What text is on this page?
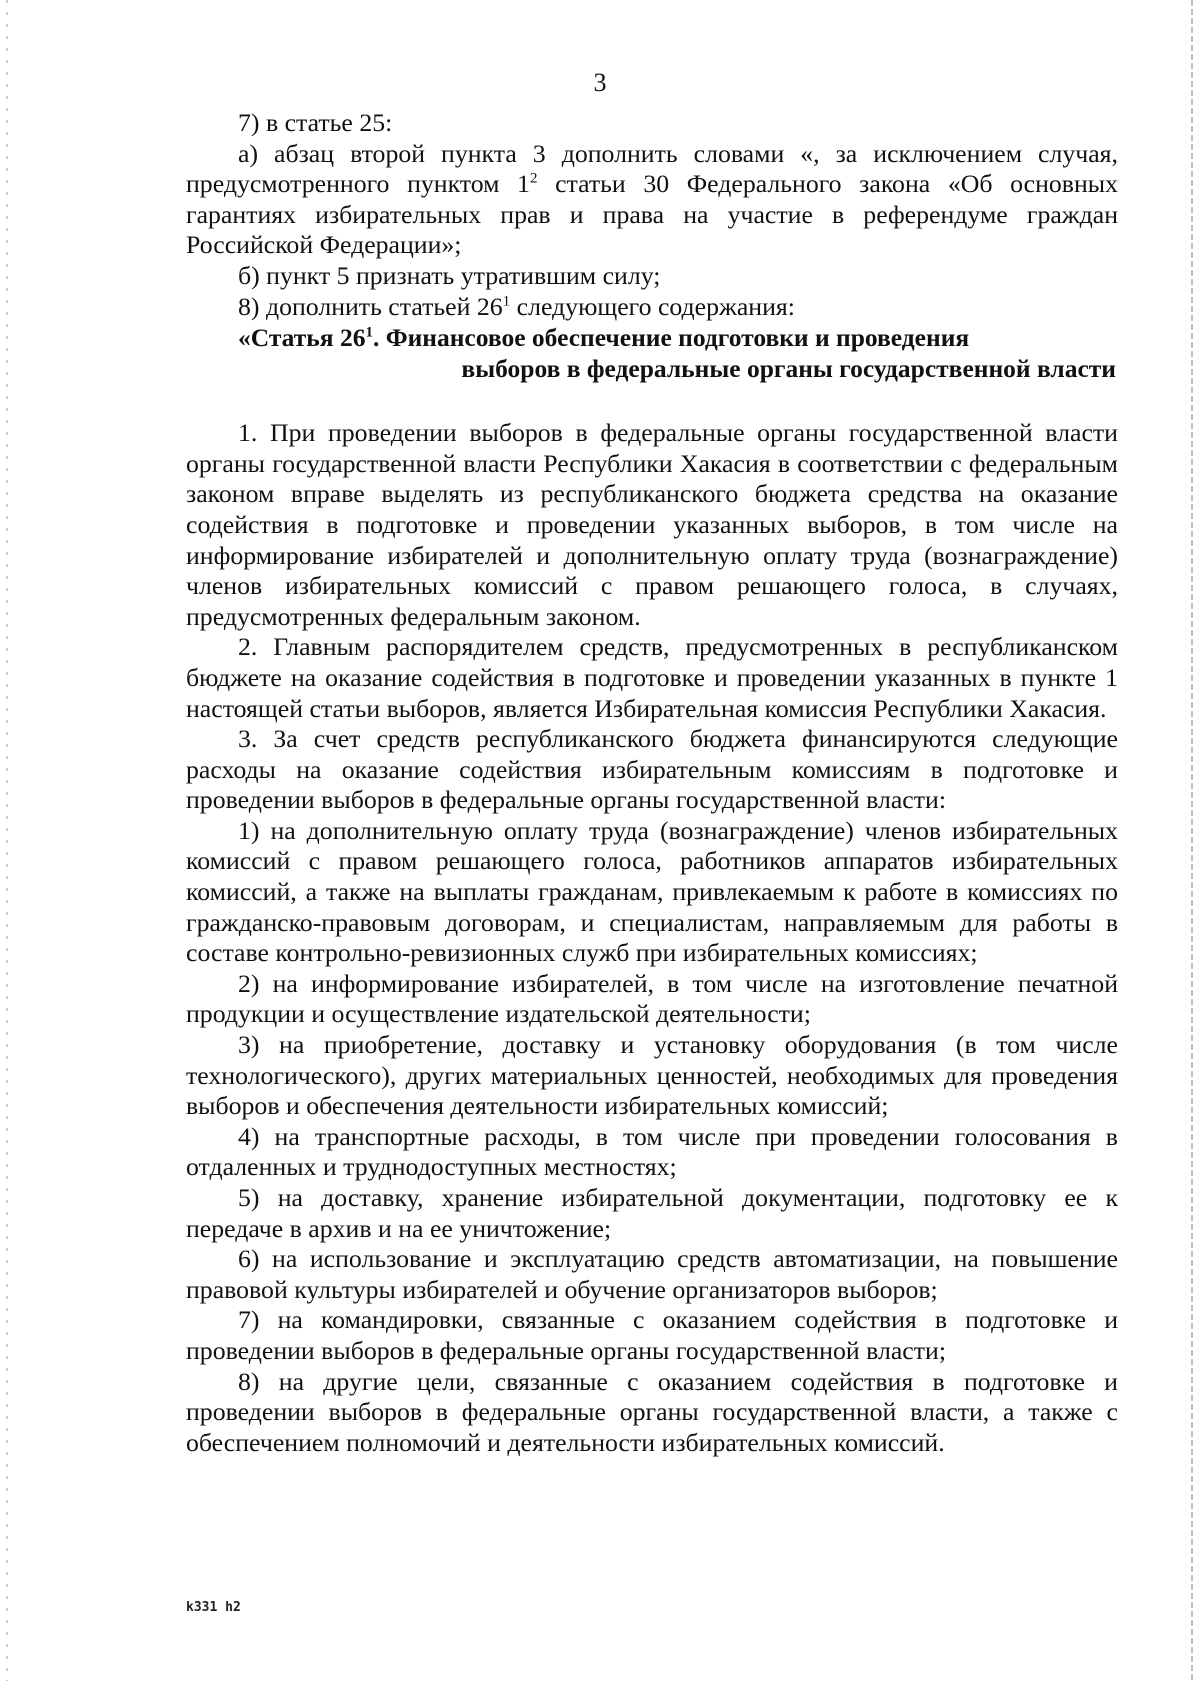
3

7) в статье 25:

а) абзац второй пункта 3 дополнить словами «, за исключением случая, предусмотренного пунктом $1^2$ статьи 30 Федерального закона «Об основных гарантиях избирательных прав и права на участие в референдуме граждан Российской Федерации»;

б) пункт 5 признать утратившим силу;

8) дополнить статьей $26^1$ следующего содержания:

«Статья $26^1$. Финансовое обеспечение подготовки и проведения
выборов в федеральные органы государственной власти

1. При проведении выборов в федеральные органы государственной власти органы государственной власти Республики Хакасия в соответствии с федеральным законом вправе выделять из республиканского бюджета средства на оказание содействия в подготовке и проведении указанных выборов, в том числе на информирование избирателей и дополнительную оплату труда (вознаграждение) членов избирательных комиссий с правом решающего голоса, в случаях, предусмотренных федеральным законом.

2. Главным распорядителем средств, предусмотренных в республиканском бюджете на оказание содействия в подготовке и проведении указанных в пункте 1 настоящей статьи выборов, является Избирательная комиссия Республики Хакасия.

3. За счет средств республиканского бюджета финансируются следующие расходы на оказание содействия избирательным комиссиям в подготовке и проведении выборов в федеральные органы государственной власти:

1) на дополнительную оплату труда (вознаграждение) членов избирательных комиссий с правом решающего голоса, работников аппаратов избирательных комиссий, а также на выплаты гражданам, привлекаемым к работе в комиссиях по гражданско-правовым договорам, и специалистам, направляемым для работы в составе контрольно-ревизионных служб при избирательных комиссиях;

2) на информирование избирателей, в том числе на изготовление печатной продукции и осуществление издательской деятельности;

3) на приобретение, доставку и установку оборудования (в том числе технологического), других материальных ценностей, необходимых для проведения выборов и обеспечения деятельности избирательных комиссий;

4) на транспортные расходы, в том числе при проведении голосования в отдаленных и труднодоступных местностях;

5) на доставку, хранение избирательной документации, подготовку ее к передаче в архив и на ее уничтожение;

6) на использование и эксплуатацию средств автоматизации, на повышение правовой культуры избирателей и обучение организаторов выборов;

7) на командировки, связанные с оказанием содействия в подготовке и проведении выборов в федеральные органы государственной власти;

8) на другие цели, связанные с оказанием содействия в подготовке и проведении выборов в федеральные органы государственной власти, а также с обеспечением полномочий и деятельности избирательных комиссий.

k331 h2
